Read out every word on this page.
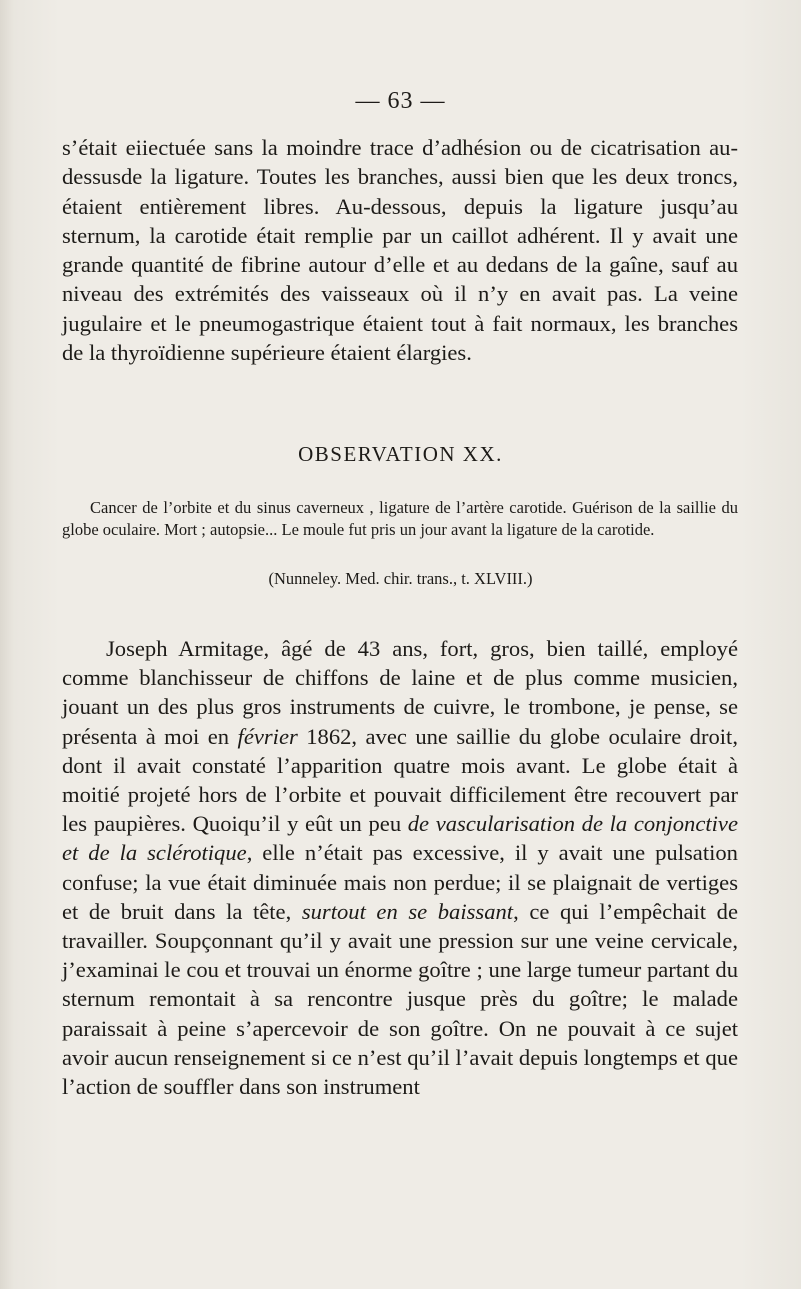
— 63 —

s’était eiiectuée sans la moindre trace d’adhésion ou de cicatrisation au-dessusde la ligature. Toutes les branches, aussi bien que les deux troncs, étaient entièrement libres. Au-dessous, depuis la ligature jusqu’au sternum, la carotide était remplie par un caillot adhérent. Il y avait une grande quantité de fibrine autour d’elle et au dedans de la gaîne, sauf au niveau des extrémités des vaisseaux où il n’y en avait pas. La veine jugulaire et le pneumogastrique étaient tout à fait normaux, les branches de la thyroïdienne supérieure étaient élargies.

OBSERVATION XX.

Cancer de l’orbite et du sinus caverneux , ligature de l’artère carotide. Guérison de la saillie du globe oculaire. Mort ; autopsie... Le moule fut pris un jour avant la ligature de la carotide.

(Nunneley. Med. chir. trans., t. XLVIII.)

Joseph Armitage, âgé de 43 ans, fort, gros, bien taillé, employé comme blanchisseur de chiffons de laine et de plus comme musicien, jouant un des plus gros instruments de cuivre, le trombone, je pense, se présenta à moi en février 1862, avec une saillie du globe oculaire droit, dont il avait constaté l’apparition quatre mois avant. Le globe était à moitié projeté hors de l’orbite et pouvait difficilement être recouvert par les paupières. Quoiqu’il y eût un peu de vascularisation de la conjonctive et de la sclérotique, elle n’était pas excessive, il y avait une pulsation confuse; la vue était diminuée mais non perdue; il se plaignait de vertiges et de bruit dans la tête, surtout en se baissant, ce qui l’empêchait de travailler. Soupçonnant qu’il y avait une pression sur une veine cervicale, j’examinai le cou et trouvai un énorme goître ; une large tumeur partant du sternum remontait à sa rencontre jusque près du goître; le malade paraissait à peine s’apercevoir de son goître. On ne pouvait à ce sujet avoir aucun renseignement si ce n’est qu’il l’avait depuis longtemps et que l’action de souffler dans son instrument
